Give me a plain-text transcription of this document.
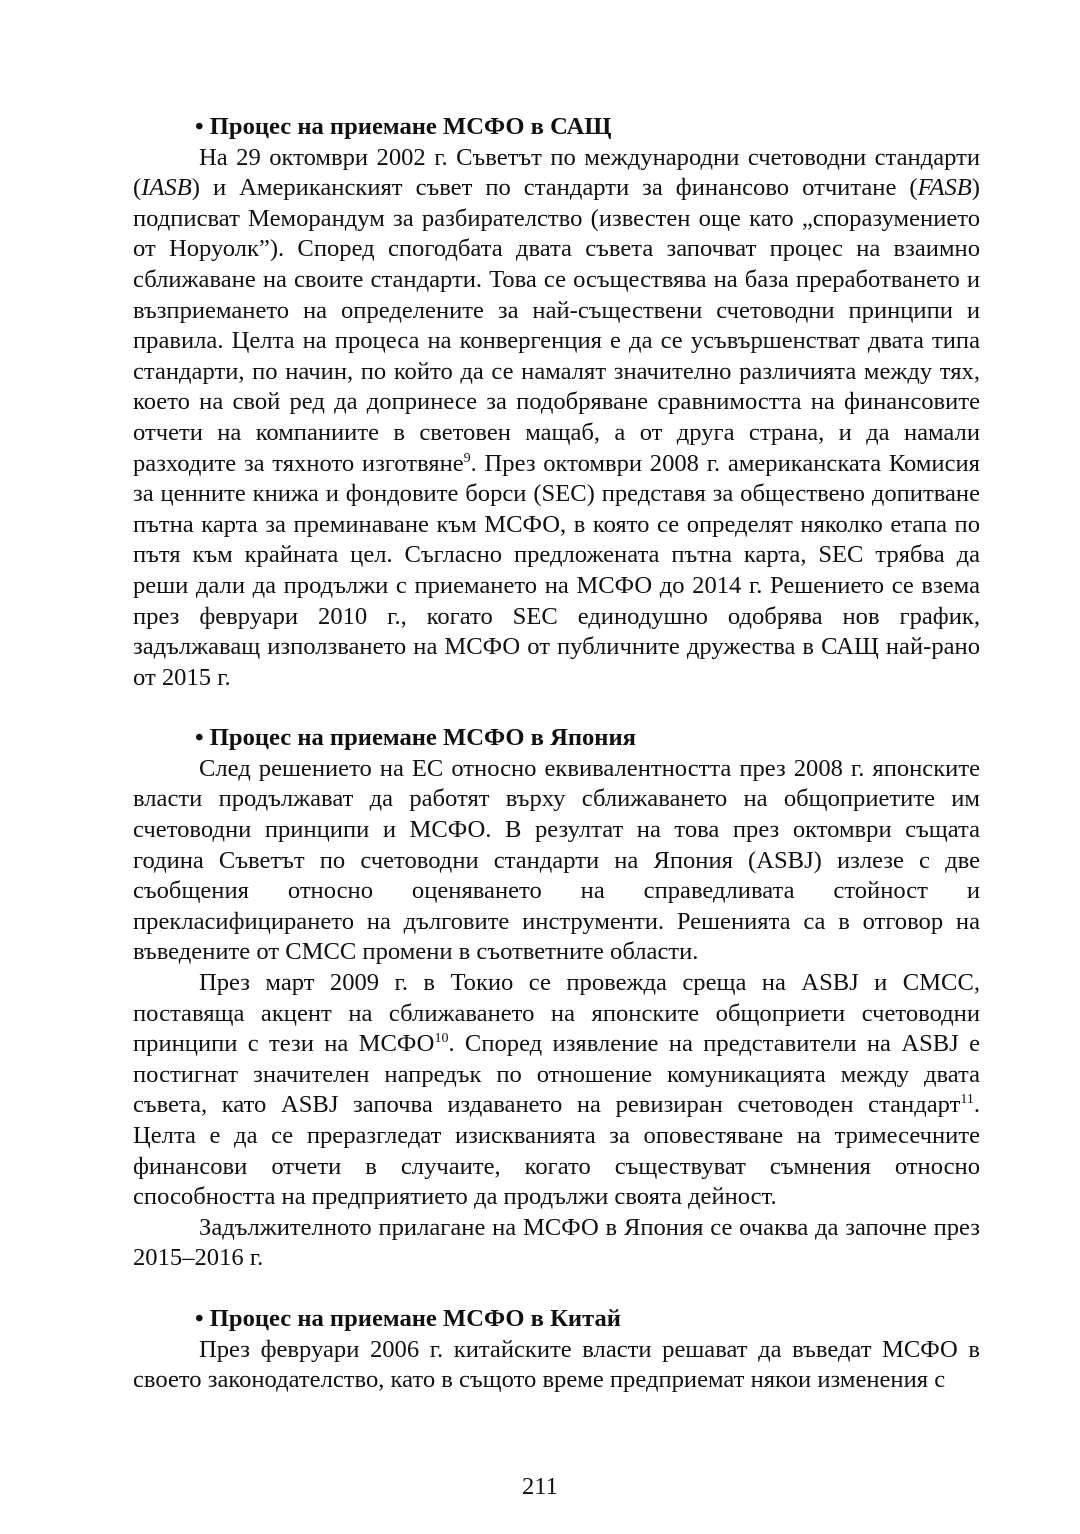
• Процес на приемане МСФО в САЩ

На 29 октомври 2002 г. Съветът по международни счетоводни стандарти (IASB) и Американският съвет по стандарти за финансово отчитане (FASB) подписват Меморандум за разбирателство (известен още като „споразумението от Норуолк”). Според спогодбата двата съвета започват процес на взаимно сближаване на своите стандарти. Това се осъществява на база преработването и възприемането на определените за най-съществени счетоводни принципи и правила. Целта на процеса на конвергенция е да се усъвършенстват двата типа стандарти, по начин, по който да се намалят значително различията между тях, което на свой ред да допринесе за подобряване сравнимостта на финансовите отчети на компаниите в световен мащаб, а от друга страна, и да намали разходите за тяхното изготвяне$^9$. През октомври 2008 г. американската Комисия за ценните книжа и фондовите борси (SEC) представя за обществено допитване пътна карта за преминаване към МСФО, в която се определят няколко етапа по пътя към крайната цел. Съгласно предложената пътна карта, SEC трябва да реши дали да продължи с приемането на МСФО до 2014 г. Решението се взема през февруари 2010 г., когато SEC единодушно одобрява нов график, задължаващ използването на МСФО от публичните дружества в САЩ най-рано от 2015 г.

• Процес на приемане МСФО в Япония

След решението на ЕС относно еквивалентността през 2008 г. японските власти продължават да работят върху сближаването на общоприетите им счетоводни принципи и МСФО. В резултат на това през октомври същата година Съветът по счетоводни стандарти на Япония (ASBJ) излезе с две съобщения относно оценяването на справедливата стойност и прекласифицирането на дълговите инструменти. Решенията са в отговор на въведените от СМСС промени в съответните области.

През март 2009 г. в Токио се провежда среща на ASBJ и СМСС, поставяща акцент на сближаването на японските общоприети счетоводни принципи с тези на МСФО$^{10}$. Според изявление на представители на ASBJ е постигнат значителен напредък по отношение комуникацията между двата съвета, като ASBJ започва издаването на ревизиран счетоводен стандарт$^{11}$. Целта е да се преразгледат изискванията за оповестяване на тримесечните финансови отчети в случаите, когато съществуват съмнения относно способността на предприятието да продължи своята дейност.

Задължителното прилагане на МСФО в Япония се очаква да започне през 2015–2016 г.

• Процес на приемане МСФО в Китай

През февруари 2006 г. китайските власти решават да въведат МСФО в своето законодателство, като в същото време предприемат някои изменения с

211
